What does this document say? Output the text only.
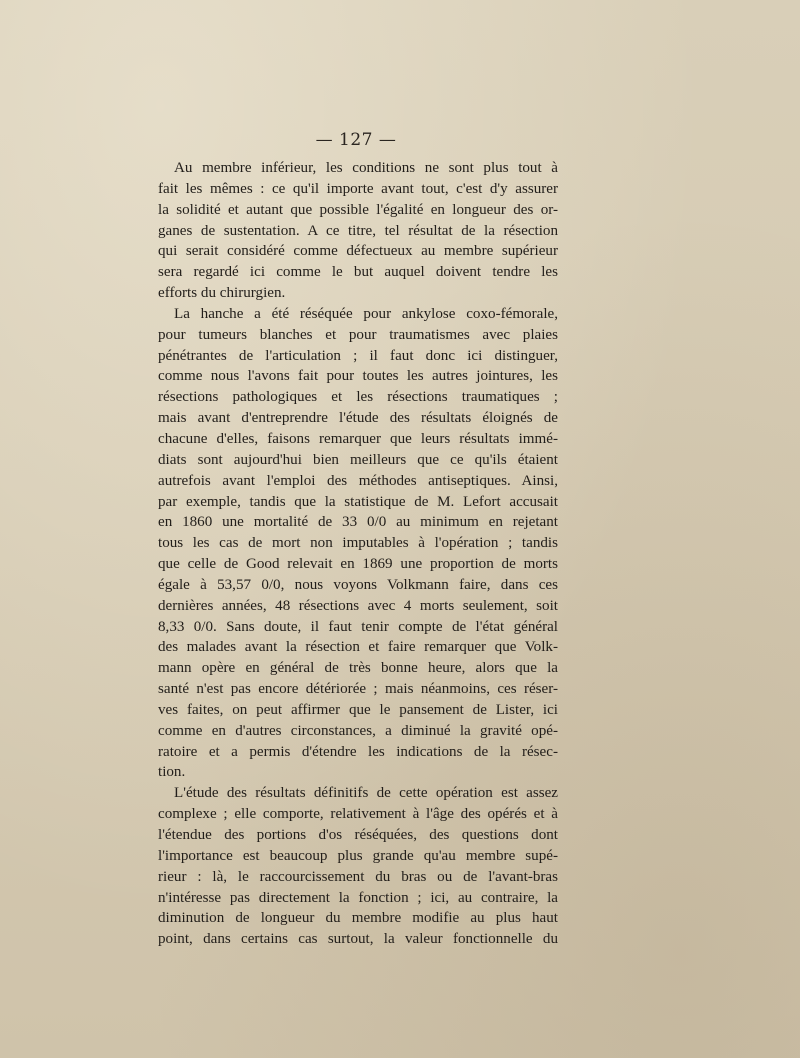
— 127 —
Au membre inférieur, les conditions ne sont plus tout à
fait les mêmes : ce qu'il importe avant tout, c'est d'y assurer
la solidité et autant que possible l'égalité en longueur des or-
ganes de sustentation. A ce titre, tel résultat de la résection
qui serait considéré comme défectueux au membre supérieur
sera regardé ici comme le but auquel doivent tendre les
efforts du chirurgien.
La hanche a été réséquée pour ankylose coxo-fémorale,
pour tumeurs blanches et pour traumatismes avec plaies
pénétrantes de l'articulation ; il faut donc ici distinguer,
comme nous l'avons fait pour toutes les autres jointures, les
résections pathologiques et les résections traumatiques ;
mais avant d'entreprendre l'étude des résultats éloignés de
chacune d'elles, faisons remarquer que leurs résultats immé-
diats sont aujourd'hui bien meilleurs que ce qu'ils étaient
autrefois avant l'emploi des méthodes antiseptiques. Ainsi,
par exemple, tandis que la statistique de M. Lefort accusait
en 1860 une mortalité de 33 0/0 au minimum en rejetant
tous les cas de mort non imputables à l'opération ; tandis
que celle de Good relevait en 1869 une proportion de morts
égale à 53,57 0/0, nous voyons Volkmann faire, dans ces
dernières années, 48 résections avec 4 morts seulement, soit
8,33 0/0. Sans doute, il faut tenir compte de l'état général
des malades avant la résection et faire remarquer que Volk-
mann opère en général de très bonne heure, alors que la
santé n'est pas encore détériorée ; mais néanmoins, ces réser-
ves faites, on peut affirmer que le pansement de Lister, ici
comme en d'autres circonstances, a diminué la gravité opé-
ratoire et a permis d'étendre les indications de la résec-
tion.
L'étude des résultats définitifs de cette opération est assez
complexe ; elle comporte, relativement à l'âge des opérés et à
l'étendue des portions d'os réséquées, des questions dont
l'importance est beaucoup plus grande qu'au membre supé-
rieur : là, le raccourcissement du bras ou de l'avant-bras
n'intéresse pas directement la fonction ; ici, au contraire, la
diminution de longueur du membre modifie au plus haut
point, dans certains cas surtout, la valeur fonctionnelle du
